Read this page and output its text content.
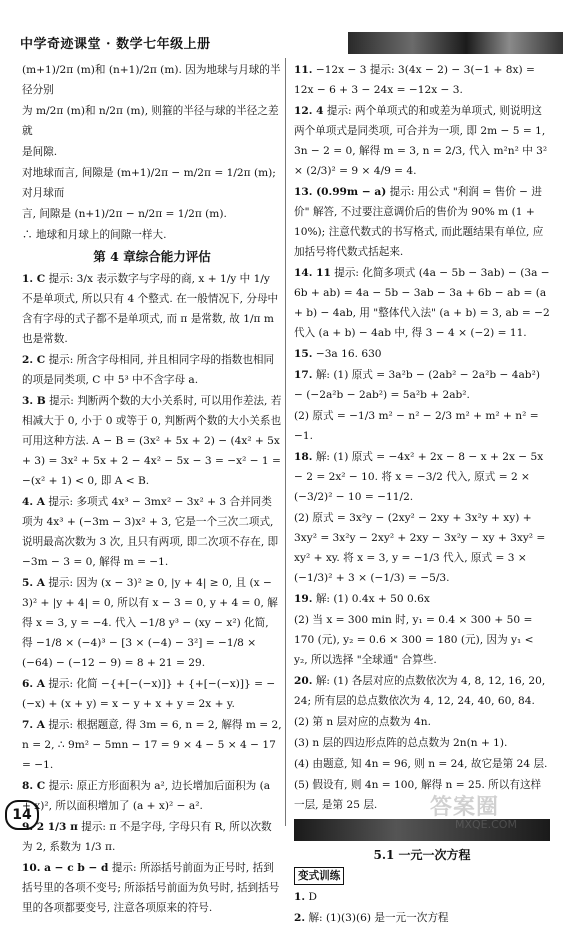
中学奇迹课堂 · 数学七年级上册
(m+1)/2π (m)和 (n+1)/2π (m). 因为地球与月球的半径分别
为 m/2π (m)和 n/2π (m), 则箍的半径与球的半径之差就
是间隙.
对地球而言, 间隙是 (m+1)/2π − m/2π = 1/2π (m); 对月球而
言, 间隙是 (n+1)/2π − n/2π = 1/2π (m).
∴ 地球和月球上的间隙一样大.
第 4 章综合能力评估
1. C 提示: 3/x 表示数字与字母的商, x + 1/y 中 1/y 不是单项式, 所以只有 4 个整式. 在一般情况下, 分母中含有字母的式子都不是单项式, 而 π 是常数, 故 1/π m 也是常数.
2. C 提示: 所含字母相同, 并且相同字母的指数也相同的项是同类项, C 中 5³ 中不含字母 a.
3. B 提示: 判断两个数的大小关系时, 可以用作差法, 若相减大于 0, 小于 0 或等于 0, 判断两个数的大小关系也可用这种方法. A − B = (3x² + 5x + 2) − (4x² + 5x + 3) = 3x² + 5x + 2 − 4x² − 5x − 3 = −x² − 1 = −(x² + 1) < 0, 即 A < B.
4. A 提示: 多项式 4x³ − 3mx² − 3x² + 3 合并同类项为 4x³ + (−3m − 3)x² + 3, 它是一个三次二项式, 说明最高次数为 3 次, 且只有两项, 即二次项不存在, 即 −3m − 3 = 0, 解得 m = −1.
5. A 提示: 因为 (x − 3)² ≥ 0, |y + 4| ≥ 0, 且 (x − 3)² + |y + 4| = 0, 所以有 x − 3 = 0, y + 4 = 0, 解得 x = 3, y = −4. 代入 −1/8 y³ − (xy − x²) 化简, 得 −1/8 × (−4)³ − [3 × (−4) − 3²] = −1/8 × (−64) − (−12 − 9) = 8 + 21 = 29.
6. A 提示: 化简 −{+[−(−x)]} + {+[−(−x)]} = −(−x) + (x + y) = x − y + x + y = 2x + y.
7. A 提示: 根据题意, 得 3m = 6, n = 2, 解得 m = 2, n = 2, ∴ 9m² − 5mn − 17 = 9 × 4 − 5 × 4 − 17 = −1.
8. C 提示: 原正方形面积为 a², 边长增加后面积为 (a + x)², 所以面积增加了 (a + x)² − a².
9. 2 1/3 π 提示: π 不是字母, 字母只有 R, 所以次数为 2, 系数为 1/3 π.
10. a − c b − d 提示: 所添括号前面为正号时, 括到括号里的各项不变号; 所添括号前面为负号时, 括到括号里的各项都要变号, 注意各项原来的符号.
11. −12x − 3 提示: 3(4x − 2) − 3(−1 + 8x) = 12x − 6 + 3 − 24x = −12x − 3.
12. 4 提示: 两个单项式的和或差为单项式, 则说明这两个单项式是同类项, 可合并为一项, 即 2m − 5 = 1, 3n − 2 = 0, 解得 m = 3, n = 2/3, 代入 m²n² 中 3² × (2/3)² = 9 × 4/9 = 4.
13. (0.99m − a) 提示: 用公式 "利润 = 售价 − 进价" 解答, 不过要注意调价后的售价为 90% m (1 + 10%); 注意代数式的书写格式, 而此题结果有单位, 应加括号将代数式括起来.
14. 11 提示: 化简多项式 (4a − 5b − 3ab) − (3a − 6b + ab) = 4a − 5b − 3ab − 3a + 6b − ab = (a + b) − 4ab, 用 "整体代入法" (a + b) = 3, ab = −2 代入 (a + b) − 4ab 中, 得 3 − 4 × (−2) = 11.
15. −3a 16. 630
17. 解: (1) 原式 = 3a²b − (2ab² − 2a²b − 4ab²) − (−2a²b − 2ab²) = 5a²b + 2ab².
(2) 原式 = −1/3 m² − n² − 2/3 m² + m² + n² = −1.
18. 解: (1) 原式 = −4x² + 2x − 8 − x + 2x − 5x − 2 = 2x² − 10. 将 x = −3/2 代入, 原式 = 2 × (−3/2)² − 10 = −11/2.
(2) 原式 = 3x²y − (2xy² − 2xy + 3x²y + xy) + 3xy² = 3x²y − 2xy² + 2xy − 3x²y − xy + 3xy² = xy² + xy. 将 x = 3, y = −1/3 代入, 原式 = 3 × (−1/3)² + 3 × (−1/3) = −5/3.
19. 解: (1) 0.4x + 50 0.6x
(2) 当 x = 300 min 时, y₁ = 0.4 × 300 + 50 = 170 (元), y₂ = 0.6 × 300 = 180 (元), 因为 y₁ < y₂, 所以选择 "全球通" 合算些.
20. 解: (1) 各层对应的点数依次为 4, 8, 12, 16, 20, 24; 所有层的总点数依次为 4, 12, 24, 40, 60, 84.
(2) 第 n 层对应的点数为 4n.
(3) n 层的四边形点阵的总点数为 2n(n + 1).
(4) 由题意, 知 4n = 96, 则 n = 24, 故它是第 24 层.
(5) 假设有, 则 4n = 100, 解得 n = 25. 所以有这样一层, 是第 25 层.
5.1 一元一次方程
变式训练
1. D
2. 解: (1)(3)(6) 是一元一次方程
14	答案圈
MXQE.COM
